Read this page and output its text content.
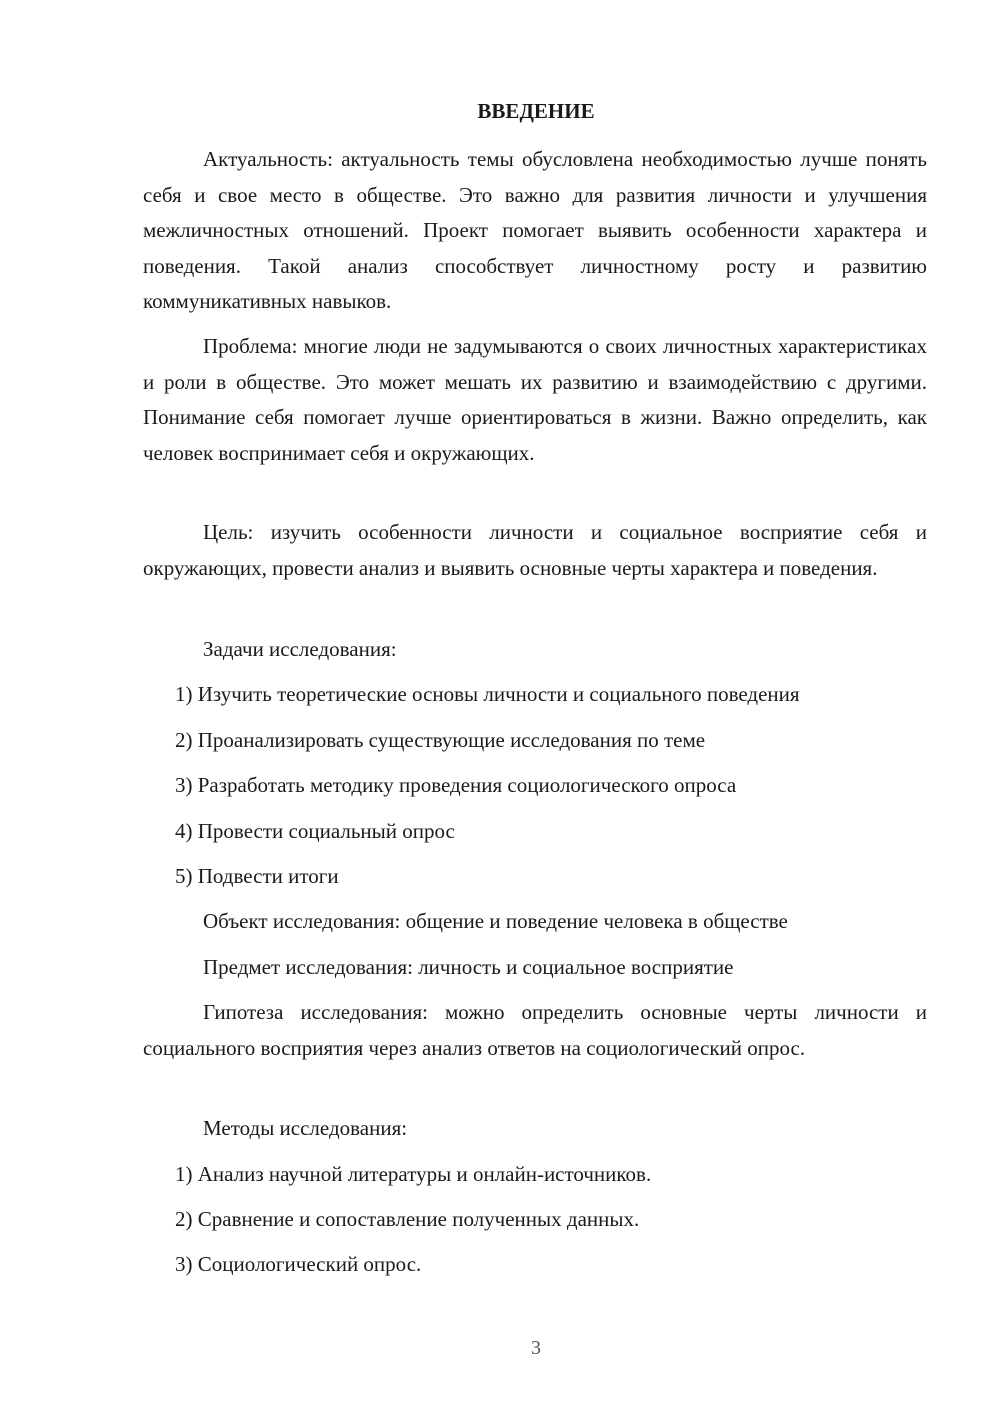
ВВЕДЕНИЕ

Актуальность: актуальность темы обусловлена необходимостью лучше понять себя и свое место в обществе. Это важно для развития личности и улучшения межличностных отношений. Проект помогает выявить особенности характера и поведения. Такой анализ способствует личностному росту и развитию коммуникативных навыков.

Проблема: многие люди не задумываются о своих личностных характеристиках и роли в обществе. Это может мешать их развитию и взаимодействию с другими. Понимание себя помогает лучше ориентироваться в жизни. Важно определить, как человек воспринимает себя и окружающих.

Цель: изучить особенности личности и социальное восприятие себя и окружающих, провести анализ и выявить основные черты характера и поведения.

Задачи исследования:
1) Изучить теоретические основы личности и социального поведения
2) Проанализировать существующие исследования по теме
3) Разработать методику проведения социологического опроса
4) Провести социальный опрос
5) Подвести итоги
Объект исследования: общение и поведение человека в обществе
Предмет исследования: личность и социальное восприятие

Гипотеза исследования: можно определить основные черты личности и социального восприятия через анализ ответов на социологический опрос.

Методы исследования:
1) Анализ научной литературы и онлайн-источников.
2) Сравнение и сопоставление полученных данных.
3) Социологический опрос.
3
